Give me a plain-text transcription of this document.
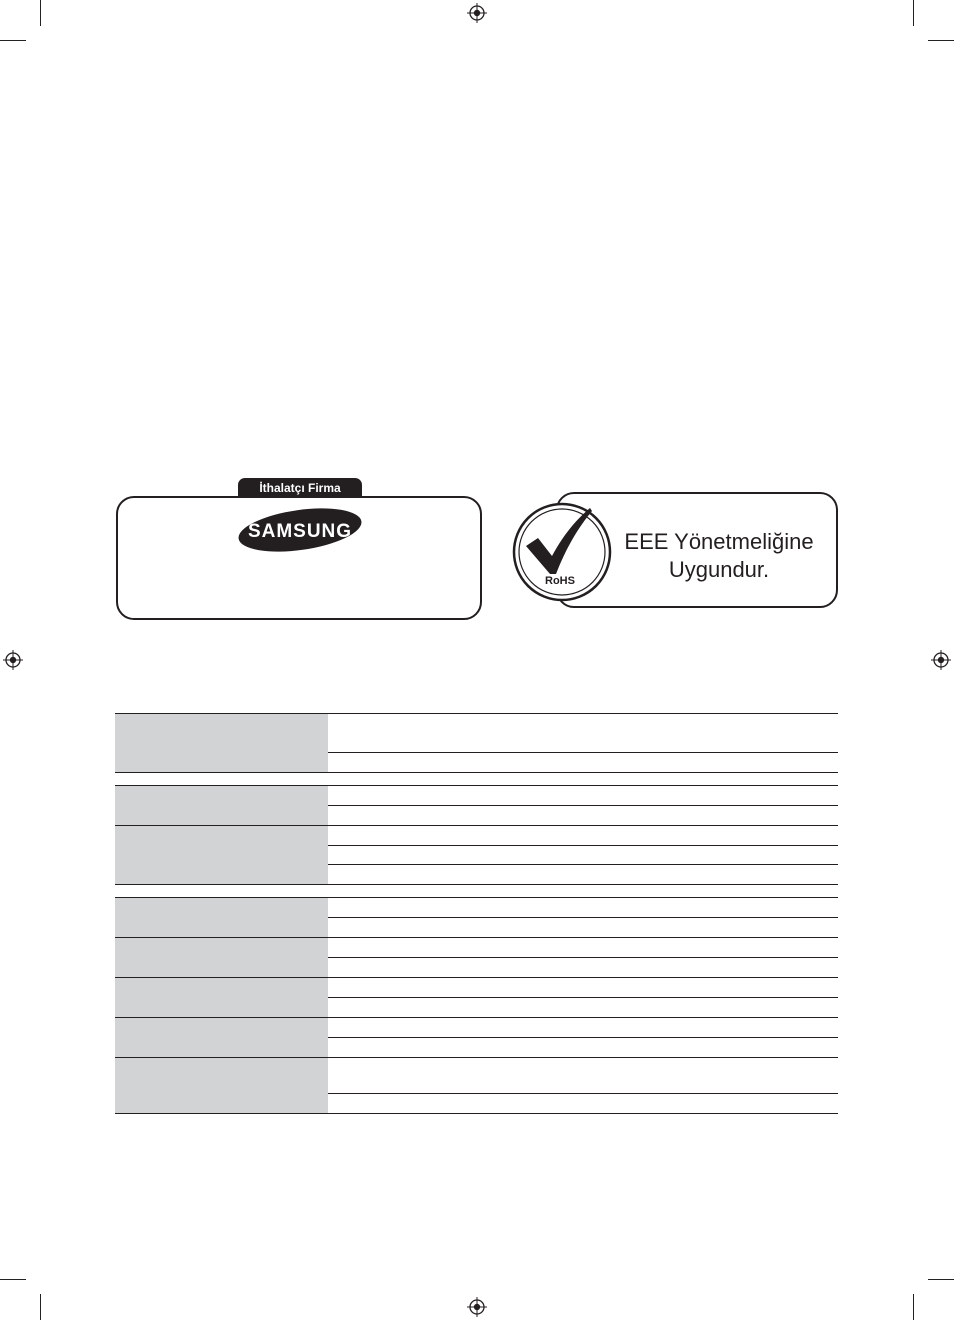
İthalatçı Firma
SAMSUNG
RoHS
EEE Yönetmeliğine
Uygundur.
